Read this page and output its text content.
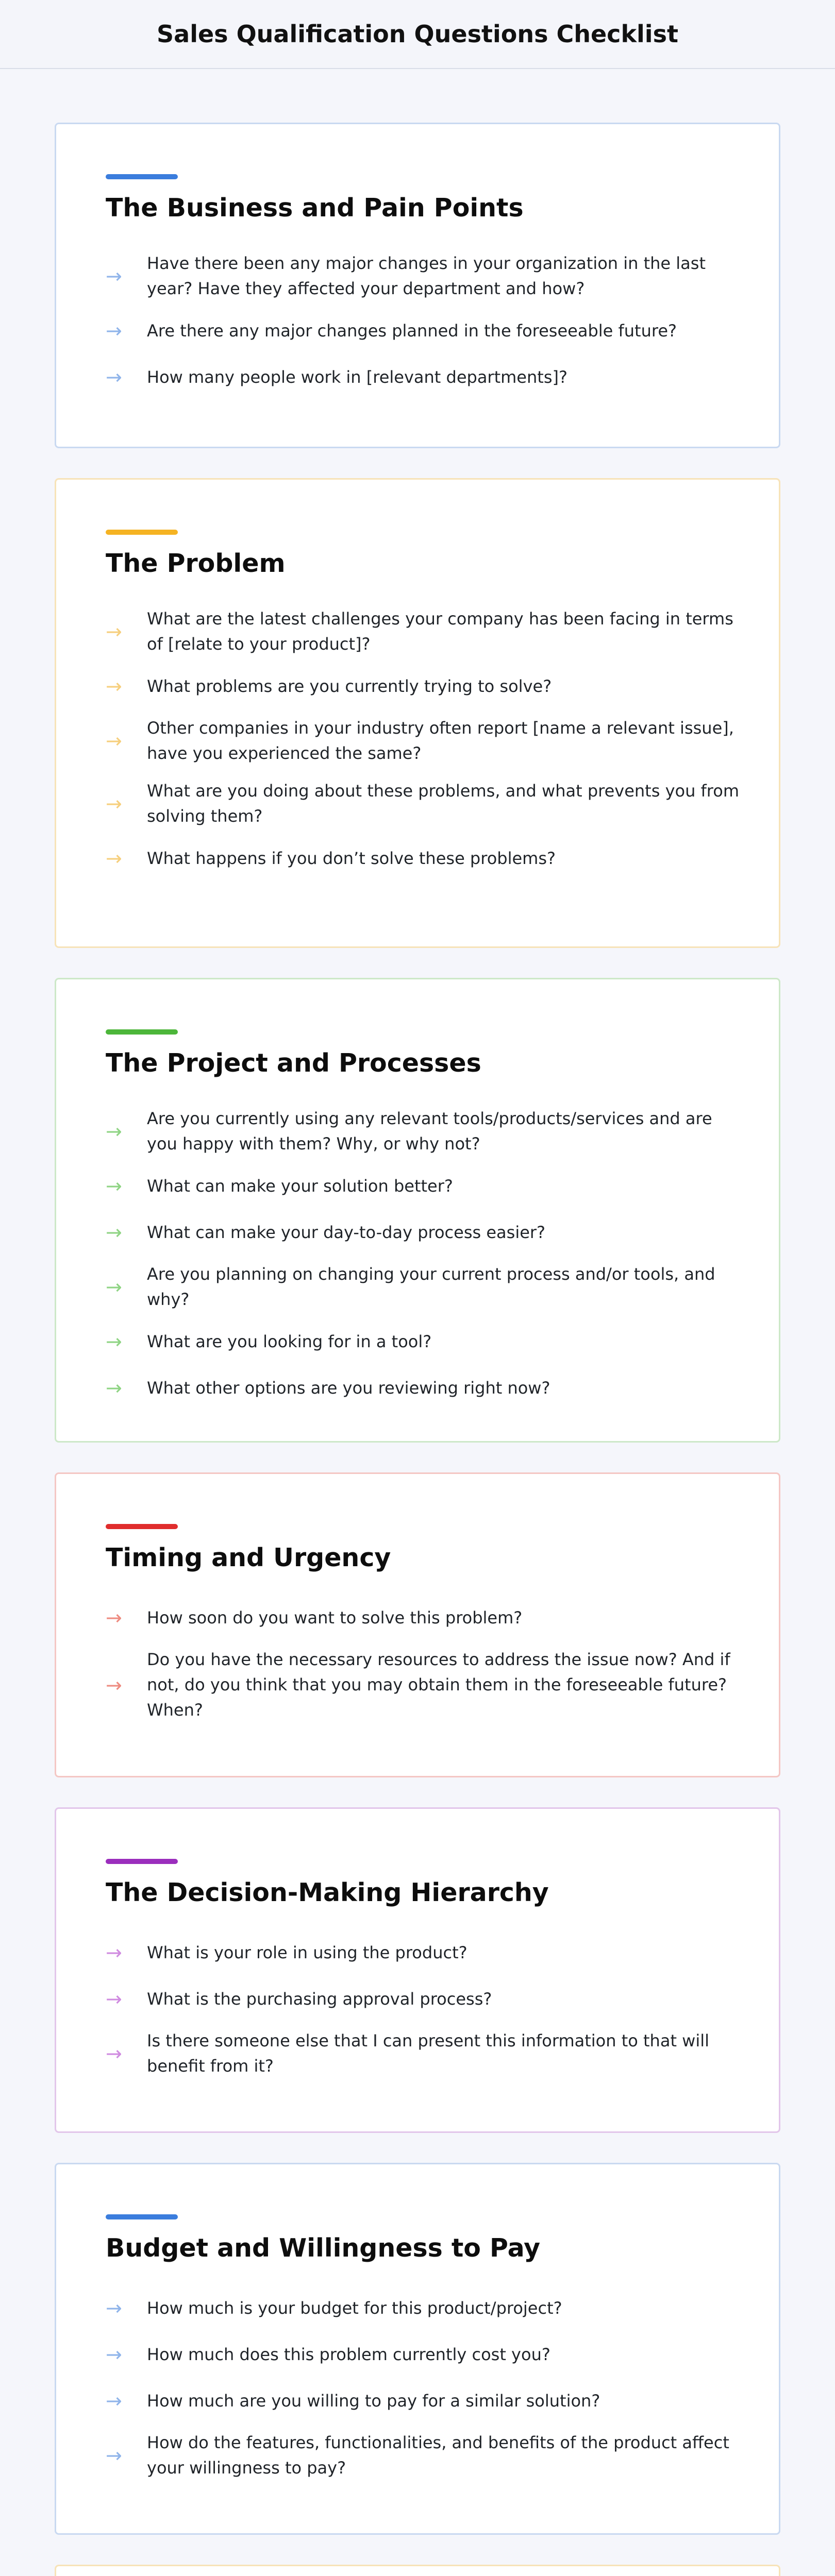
Sales Qualification Questions Checklist
The Business and Pain Points
→
Have there been any major changes in your organization in the last year? Have they affected your department and how?
→	Are there any major changes planned in the foreseeable future?
→	How many people work in [relevant departments]?
The Problem
→
What are the latest challenges your company has been facing in terms of [relate to your product]?
→	What problems are you currently trying to solve?
→
Other companies in your industry often report [name a relevant issue], have you experienced the same?
→
What are you doing about these problems, and what prevents you from solving them?
→	What happens if you don’t solve these problems?
The Project and Processes
→
Are you currently using any relevant tools/products/services and are you happy with them? Why, or why not?
→	What can make your solution better?
→	What can make your day-to-day process easier?
→
Are you planning on changing your current process and/or tools, and why?
→	What are you looking for in a tool?
→	What other options are you reviewing right now?
Timing and Urgency
→	How soon do you want to solve this problem?
→
Do you have the necessary resources to address the issue now? And if not, do you think that you may obtain them in the foreseeable future? When?
The Decision-Making Hierarchy
→	What is your role in using the product?
→	What is the purchasing approval process?
→
Is there someone else that I can present this information to that will benefit from it?
Budget and Willingness to Pay
→	How much is your budget for this product/project?
→	How much does this problem currently cost you?
→	How much are you willing to pay for a similar solution?
→
How do the features, functionalities, and benefits of the product affect your willingness to pay?
